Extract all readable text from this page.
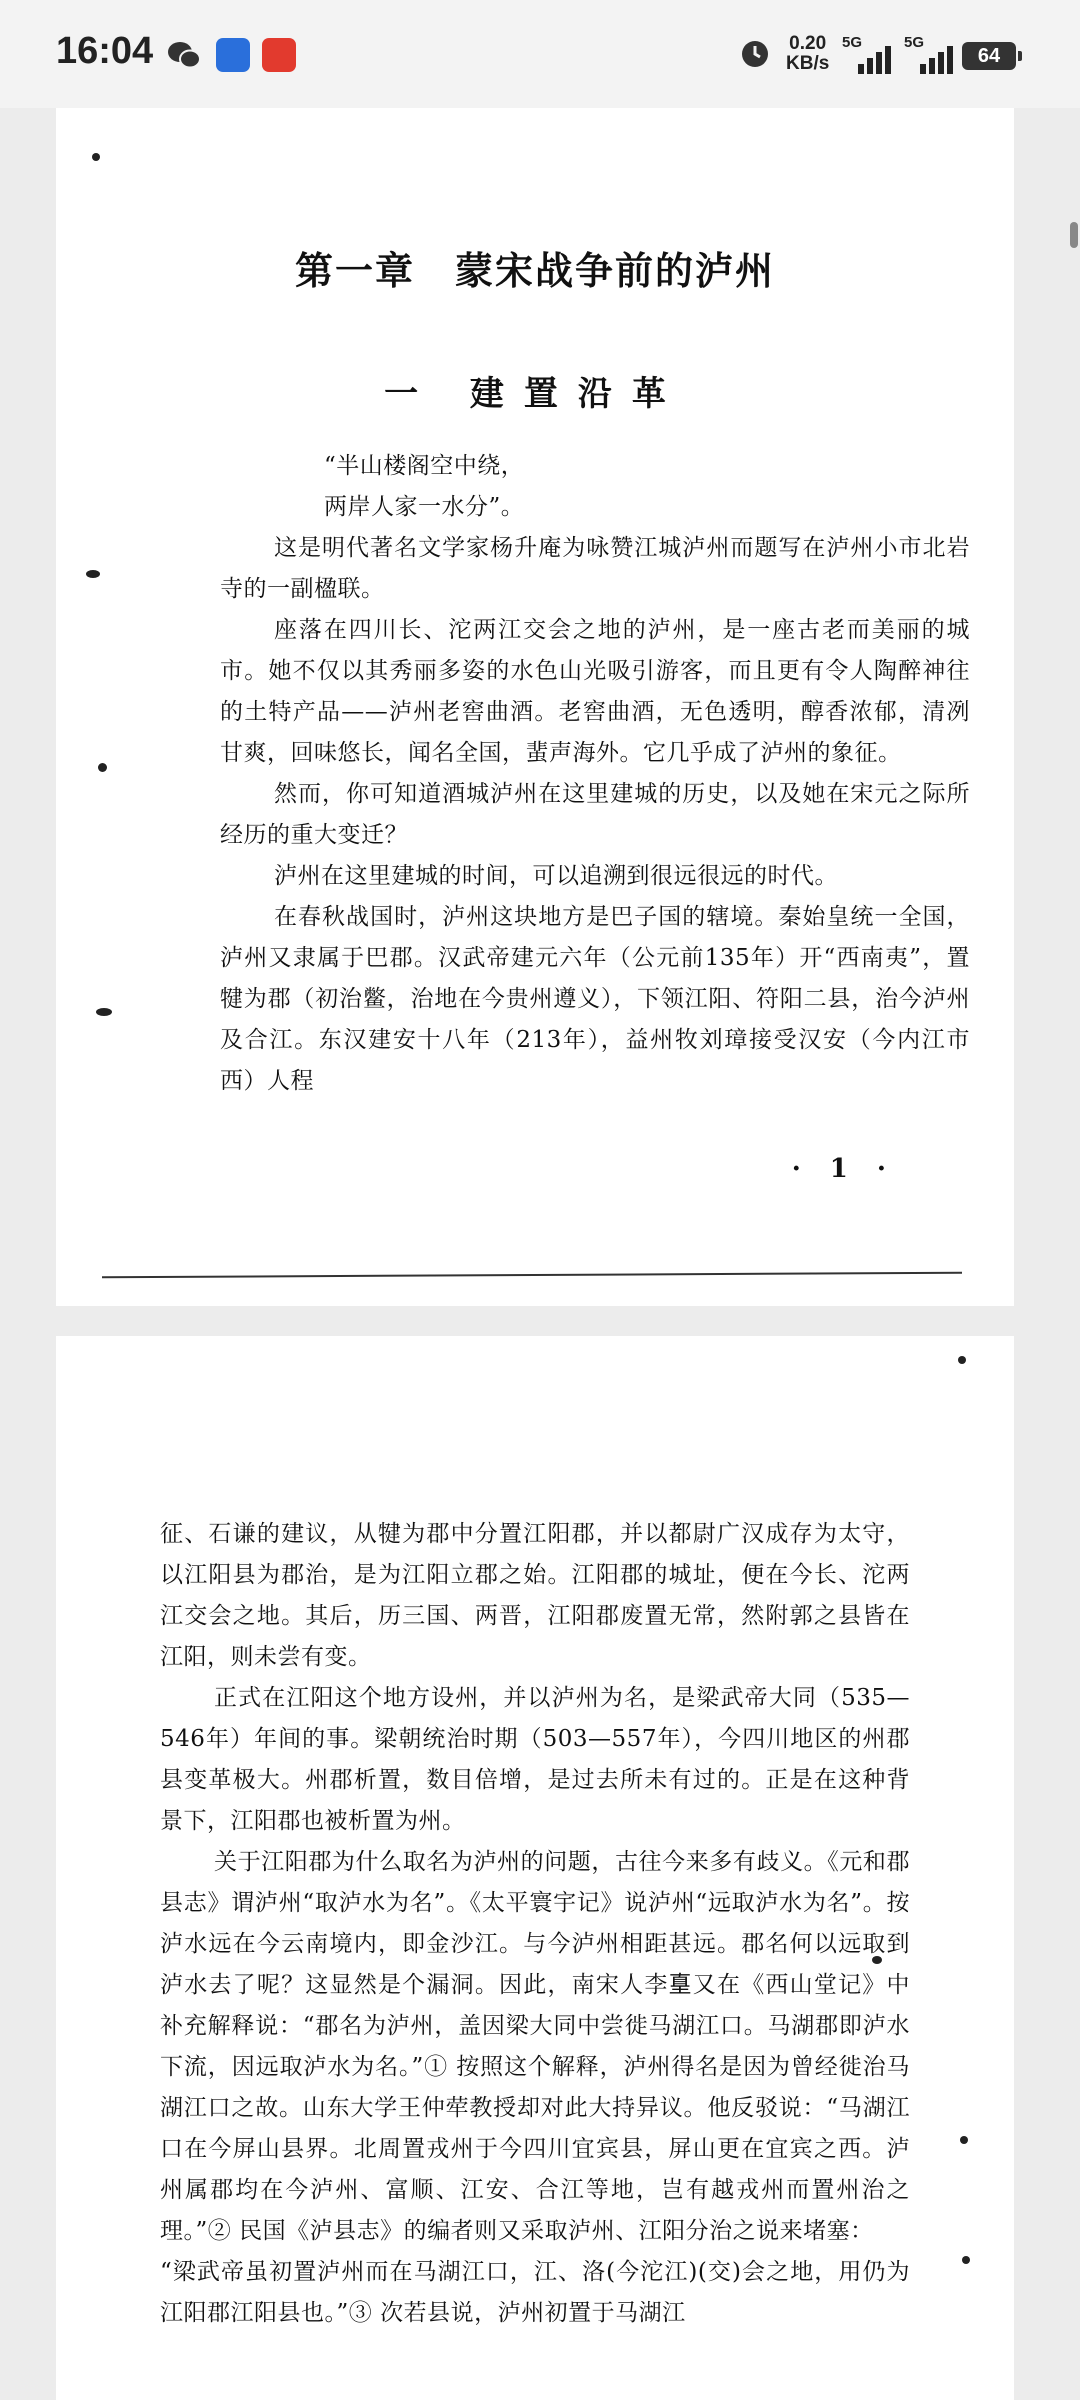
16:04	0.20
KB/s
5G	5G
64
第一章　蒙宋战争前的泸州
一 建置沿革

“半山楼阁空中绕，

两岸人家一水分”。

这是明代著名文学家杨升庵为咏赞江城泸州而题写在泸州小市北岩寺的一副楹联。

座落在四川长、沱两江交会之地的泸州，是一座古老而美丽的城市。她不仅以其秀丽多姿的水色山光吸引游客，而且更有令人陶醉神往的土特产品——泸州老窖曲酒。老窖曲酒，无色透明，醇香浓郁，清冽甘爽，回味悠长，闻名全国，蜚声海外。它几乎成了泸州的象征。

然而，你可知道酒城泸州在这里建城的历史，以及她在宋元之际所经历的重大变迁？

泸州在这里建城的时间，可以追溯到很远很远的时代。

在春秋战国时，泸州这块地方是巴子国的辖境。秦始皇统一全国，泸州又隶属于巴郡。汉武帝建元六年（公元前135年）开“西南夷”，置犍为郡（初治鳖，治地在今贵州遵义），下领江阳、符阳二县，治今泸州及合江。东汉建安十八年（213年），益州牧刘璋接受汉安（今内江市西）人程

· 1 ·

征、石谦的建议，从犍为郡中分置江阳郡，并以都尉广汉成存为太守，以江阳县为郡治，是为江阳立郡之始。江阳郡的城址，便在今长、沱两江交会之地。其后，历三国、两晋，江阳郡废置无常，然附郭之县皆在江阳，则未尝有变。

正式在江阳这个地方设州，并以泸州为名，是梁武帝大同（535—546年）年间的事。梁朝统治时期（503—557年），今四川地区的州郡县变革极大。州郡析置，数目倍增，是过去所未有过的。正是在这种背景下，江阳郡也被析置为州。

关于江阳郡为什么取名为泸州的问题，古往今来多有歧义。《元和郡县志》谓泸州“取泸水为名”。《太平寰宇记》说泸州“远取泸水为名”。按泸水远在今云南境内，即金沙江。与今泸州相距甚远。郡名何以远取到泸水去了呢？这显然是个漏洞。因此，南宋人李𡌴又在《西山堂记》中补充解释说：“郡名为泸州，盖因梁大同中尝徙马湖江口。马湖郡即泸水下流，因远取泸水为名。”① 按照这个解释，泸州得名是因为曾经徙治马湖江口之故。山东大学王仲荦教授却对此大持异议。他反驳说：“马湖江口在今屏山县界。北周置戎州于今四川宜宾县，屏山更在宜宾之西。泸州属郡均在今泸州、富顺、江安、合江等地，岂有越戎州而置州治之理。”② 民国《泸县志》的编者则又采取泸州、江阳分治之说来堵塞：

“梁武帝虽初置泸州而在马湖江口，江、洛(今沱江)(交)会之地，用仍为江阳郡江阳县也。”③ 次若县说，泸州初置于马湖江
